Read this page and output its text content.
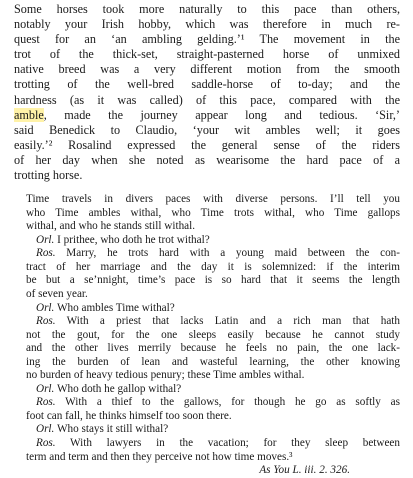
Some horses took more naturally to this pace than others,
notably your Irish hobby, which was therefore in much re-
quest for an ‘an ambling gelding.’¹ The movement in the
trot of the thick-set, straight-pasterned horse of unmixed
native breed was a very different motion from the smooth
trotting of the well-bred saddle-horse of to-day; and the
hardness (as it was called) of this pace, compared with the
amble, made the journey appear long and tedious. ‘Sir,’
said Benedick to Claudio, ‘your wit ambles well; it goes
easily.’² Rosalind expressed the general sense of the riders
of her day when she noted as wearisome the hard pace of a
trotting horse.

Time travels in divers paces with diverse persons. I’ll tell you
who Time ambles withal, who Time trots withal, who Time gallops
withal, and who he stands still withal.
Orl. I prithee, who doth he trot withal?
Ros. Marry, he trots hard with a young maid between the con-
tract of her marriage and the day it is solemnized: if the interim
be but a se’nnight, time’s pace is so hard that it seems the length
of seven year.
Orl. Who ambles Time withal?
Ros. With a priest that lacks Latin and a rich man that hath
not the gout, for the one sleeps easily because he cannot study
and the other lives merrily because he feels no pain, the one lack-
ing the burden of lean and wasteful learning, the other knowing
no burden of heavy tedious penury; these Time ambles withal.
Orl. Who doth he gallop withal?
Ros. With a thief to the gallows, for though he go as softly as
foot can fall, he thinks himself too soon there.
Orl. Who stays it still withal?
Ros. With lawyers in the vacation; for they sleep between
term and term and then they perceive not how time moves.³
As You L. iii. 2. 326.
